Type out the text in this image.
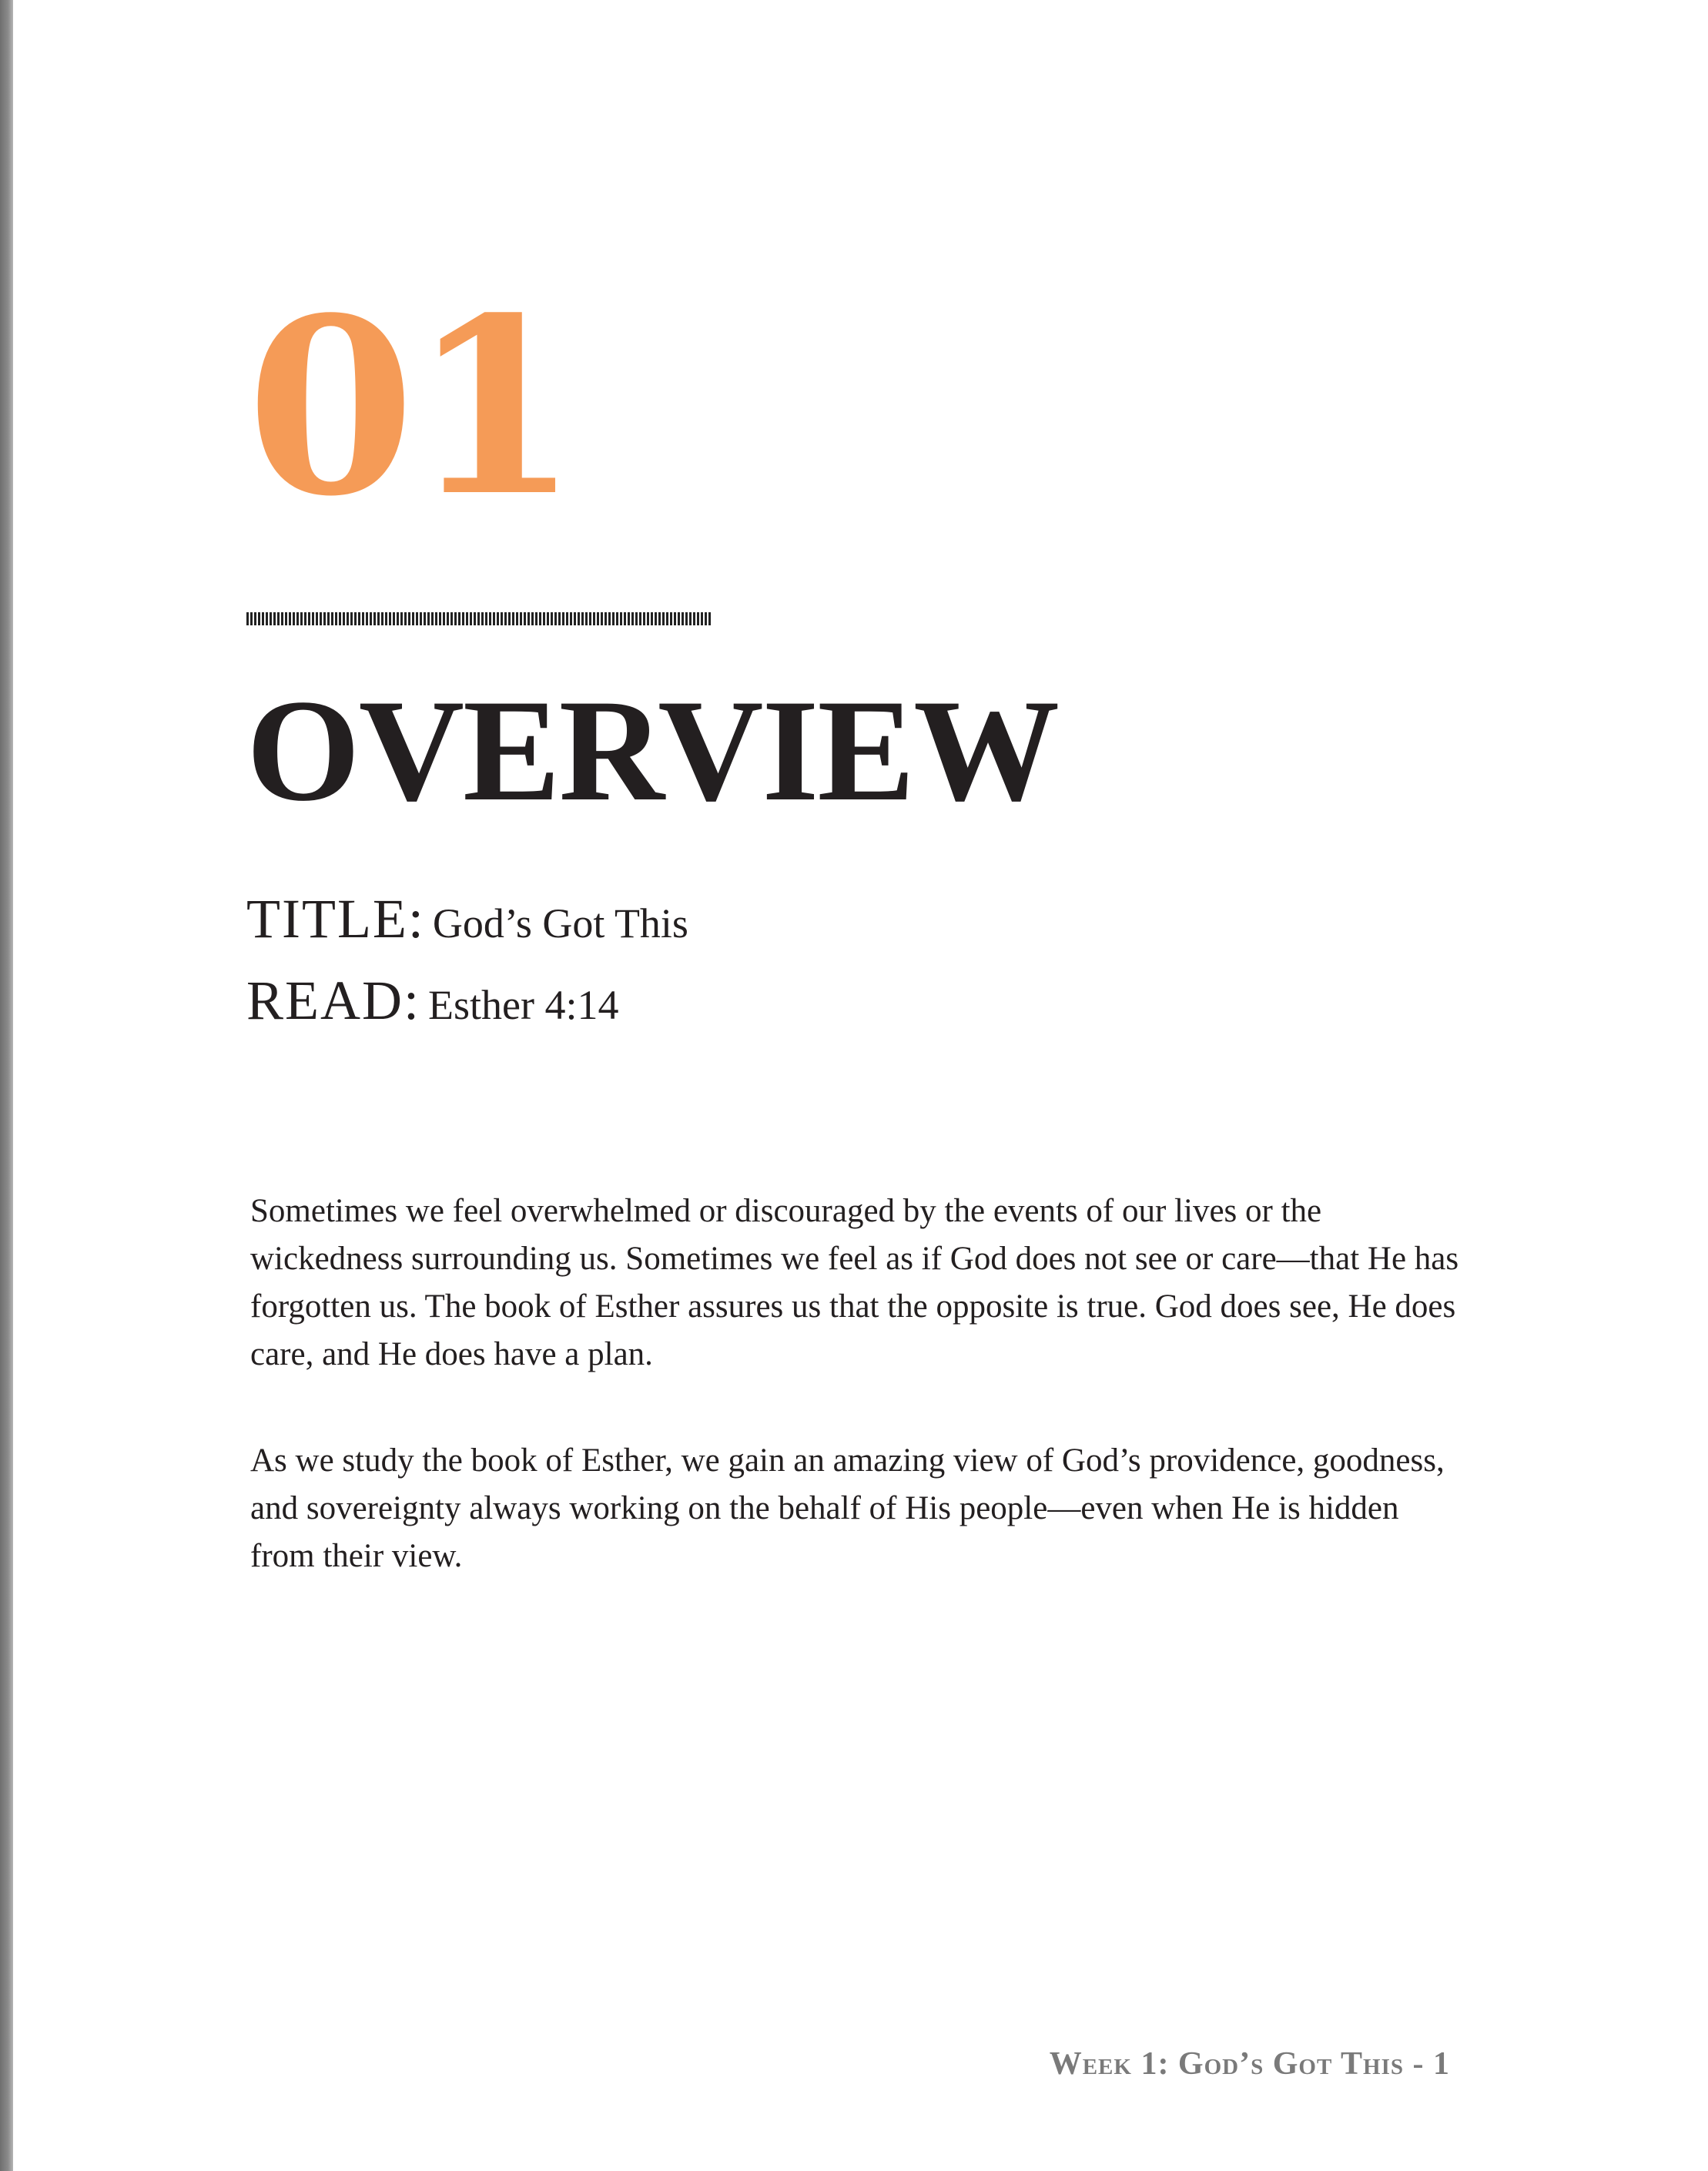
01
OVERVIEW

TITLE: God’s Got This

READ: Esther 4:14

Sometimes we feel overwhelmed or discouraged by the events of our lives or the wickedness surrounding us. Sometimes we feel as if God does not see or care—that He has forgotten us. The book of Esther assures us that the opposite is true. God does see, He does care, and He does have a plan.

As we study the book of Esther, we gain an amazing view of God’s providence, goodness, and sovereignty always working on the behalf of His people—even when He is hidden from their view.

Week 1: God’s Got This - 1
